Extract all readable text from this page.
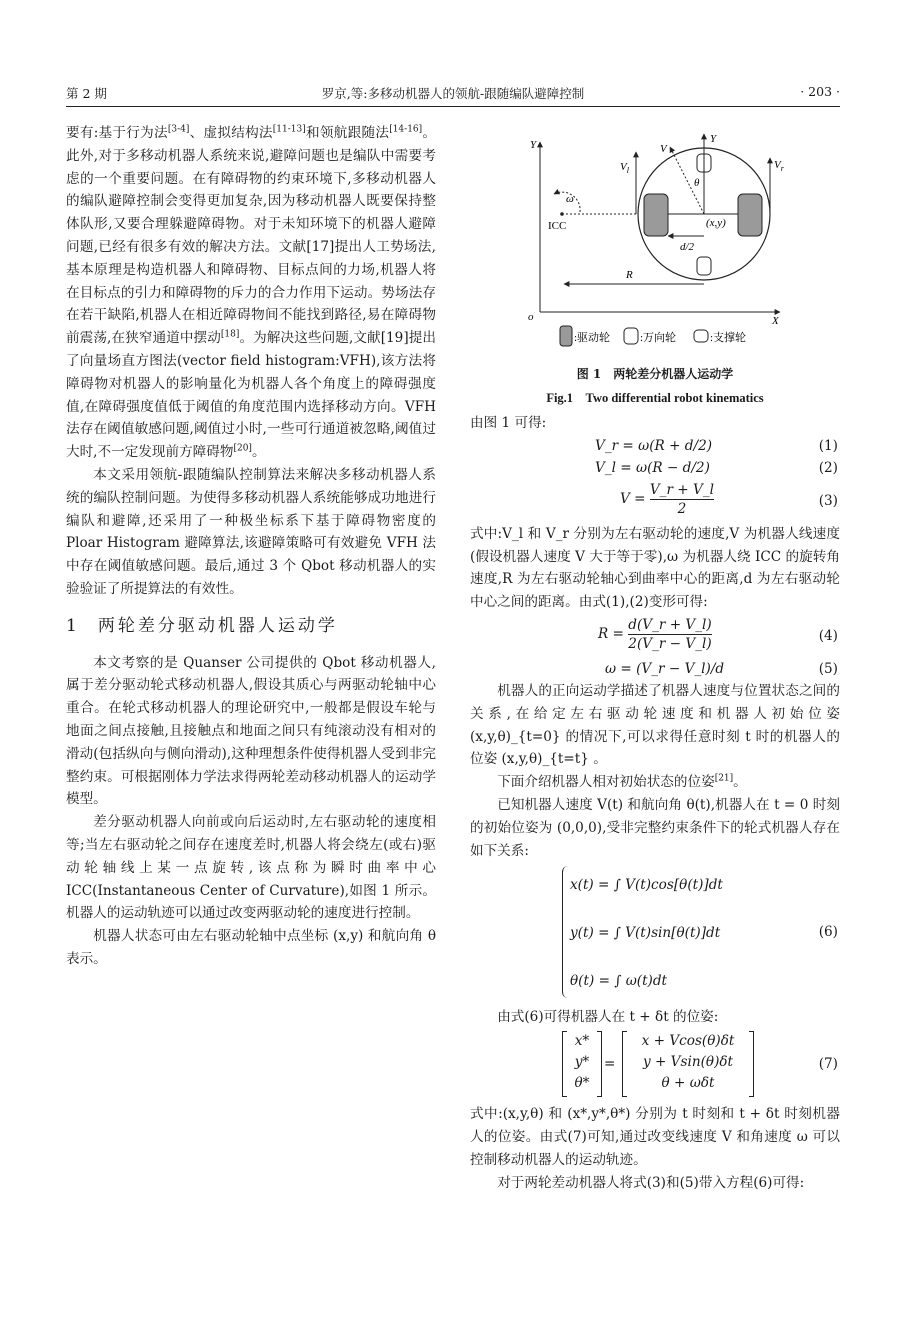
第 2 期	罗京,等:多移动机器人的领航-跟随编队避障控制	· 203 ·

要有:基于行为法[3-4]、虚拟结构法[11-13]和领航跟随法[14-16]。此外,对于多移动机器人系统来说,避障问题也是编队中需要考虑的一个重要问题。在有障碍物的约束环境下,多移动机器人的编队避障控制会变得更加复杂,因为移动机器人既要保持整体队形,又要合理躲避障碍物。对于未知环境下的机器人避障问题,已经有很多有效的解决方法。文献[17]提出人工势场法,基本原理是构造机器人和障碍物、目标点间的力场,机器人将在目标点的引力和障碍物的斥力的合力作用下运动。势场法存在若干缺陷,机器人在相近障碍物间不能找到路径,易在障碍物前震荡,在狭窄通道中摆动[18]。为解决这些问题,文献[19]提出了向量场直方图法(vector field histogram:VFH),该方法将障碍物对机器人的影响量化为机器人各个角度上的障碍强度值,在障碍强度值低于阈值的角度范围内选择移动方向。VFH 法存在阈值敏感问题,阈值过小时,一些可行通道被忽略,阈值过大时,不一定发现前方障碍物[20]。

本文采用领航-跟随编队控制算法来解决多移动机器人系统的编队控制问题。为使得多移动机器人系统能够成功地进行编队和避障,还采用了一种极坐标系下基于障碍物密度的 Ploar Histogram 避障算法,该避障策略可有效避免 VFH 法中存在阈值敏感问题。最后,通过 3 个 Qbot 移动机器人的实验验证了所提算法的有效性。

1 两轮差分驱动机器人运动学

本文考察的是 Quanser 公司提供的 Qbot 移动机器人,属于差分驱动轮式移动机器人,假设其质心与两驱动轮轴中心重合。在轮式移动机器人的理论研究中,一般都是假设车轮与地面之间点接触,且接触点和地面之间只有纯滚动没有相对的滑动(包括纵向与侧向滑动),这种理想条件使得机器人受到非完整约束。可根据刚体力学法求得两轮差动移动机器人的运动学模型。

差分驱动机器人向前或向后运动时,左右驱动轮的速度相等;当左右驱动轮之间存在速度差时,机器人将会绕左(或右)驱动轮轴线上某一点旋转,该点称为瞬时曲率中心 ICC(Instantaneous Center of Curvature),如图 1 所示。机器人的运动轨迹可以通过改变两驱动轮的速度进行控制。

机器人状态可由左右驱动轮轴中点坐标 (x,y) 和航向角 θ 表示。

Y
X
o
Y
V
θ
(x,y)
$V_l$	$V_r$
ICC
ω
d/2
R
:驱动轮	:万向轮	:支撑轮
图 1　两轮差分机器人运动学
Fig.1　Two differential robot kinematics

由图 1 可得:

V_r = ω(R + d/2)	(1)
V_l = ω(R − d/2)	(2)
$V = \frac{V\_r + V\_l}{2}$	(3)

式中:V_l 和 V_r 分别为左右驱动轮的速度,V 为机器人线速度(假设机器人速度 V 大于等于零),ω 为机器人绕 ICC 的旋转角速度,R 为左右驱动轮轴心到曲率中心的距离,d 为左右驱动轮中心之间的距离。由式(1),(2)变形可得:

$R = \frac{d(V\_r + V\_l)}{2(V\_r - V\_l)}$	(4)
ω = (V_r − V_l)/d	(5)

机器人的正向运动学描述了机器人速度与位置状态之间的关系,在给定左右驱动轮速度和机器人初始位姿 (x,y,θ)_{t=0} 的情况下,可以求得任意时刻 t 时的机器人的位姿 (x,y,θ)_{t=t} 。

下面介绍机器人相对初始状态的位姿[21]。

已知机器人速度 V(t) 和航向角 θ(t),机器人在 t = 0 时刻的初始位姿为 (0,0,0),受非完整约束条件下的轮式机器人存在如下关系:

x(t) = ∫ V(t)cos[θ(t)]dt
y(t) = ∫ V(t)sin[θ(t)]dt
θ(t) = ∫ ω(t)dt
(6)

由式(6)可得机器人在 t + δt 的位姿:

x*
y*
θ*
=
x + Vcos(θ)δt
y + Vsin(θ)δt
θ + ωδt
(7)

式中:(x,y,θ) 和 (x*,y*,θ*) 分别为 t 时刻和 t + δt 时刻机器人的位姿。由式(7)可知,通过改变线速度 V 和角速度 ω 可以控制移动机器人的运动轨迹。

对于两轮差动机器人将式(3)和(5)带入方程(6)可得:
